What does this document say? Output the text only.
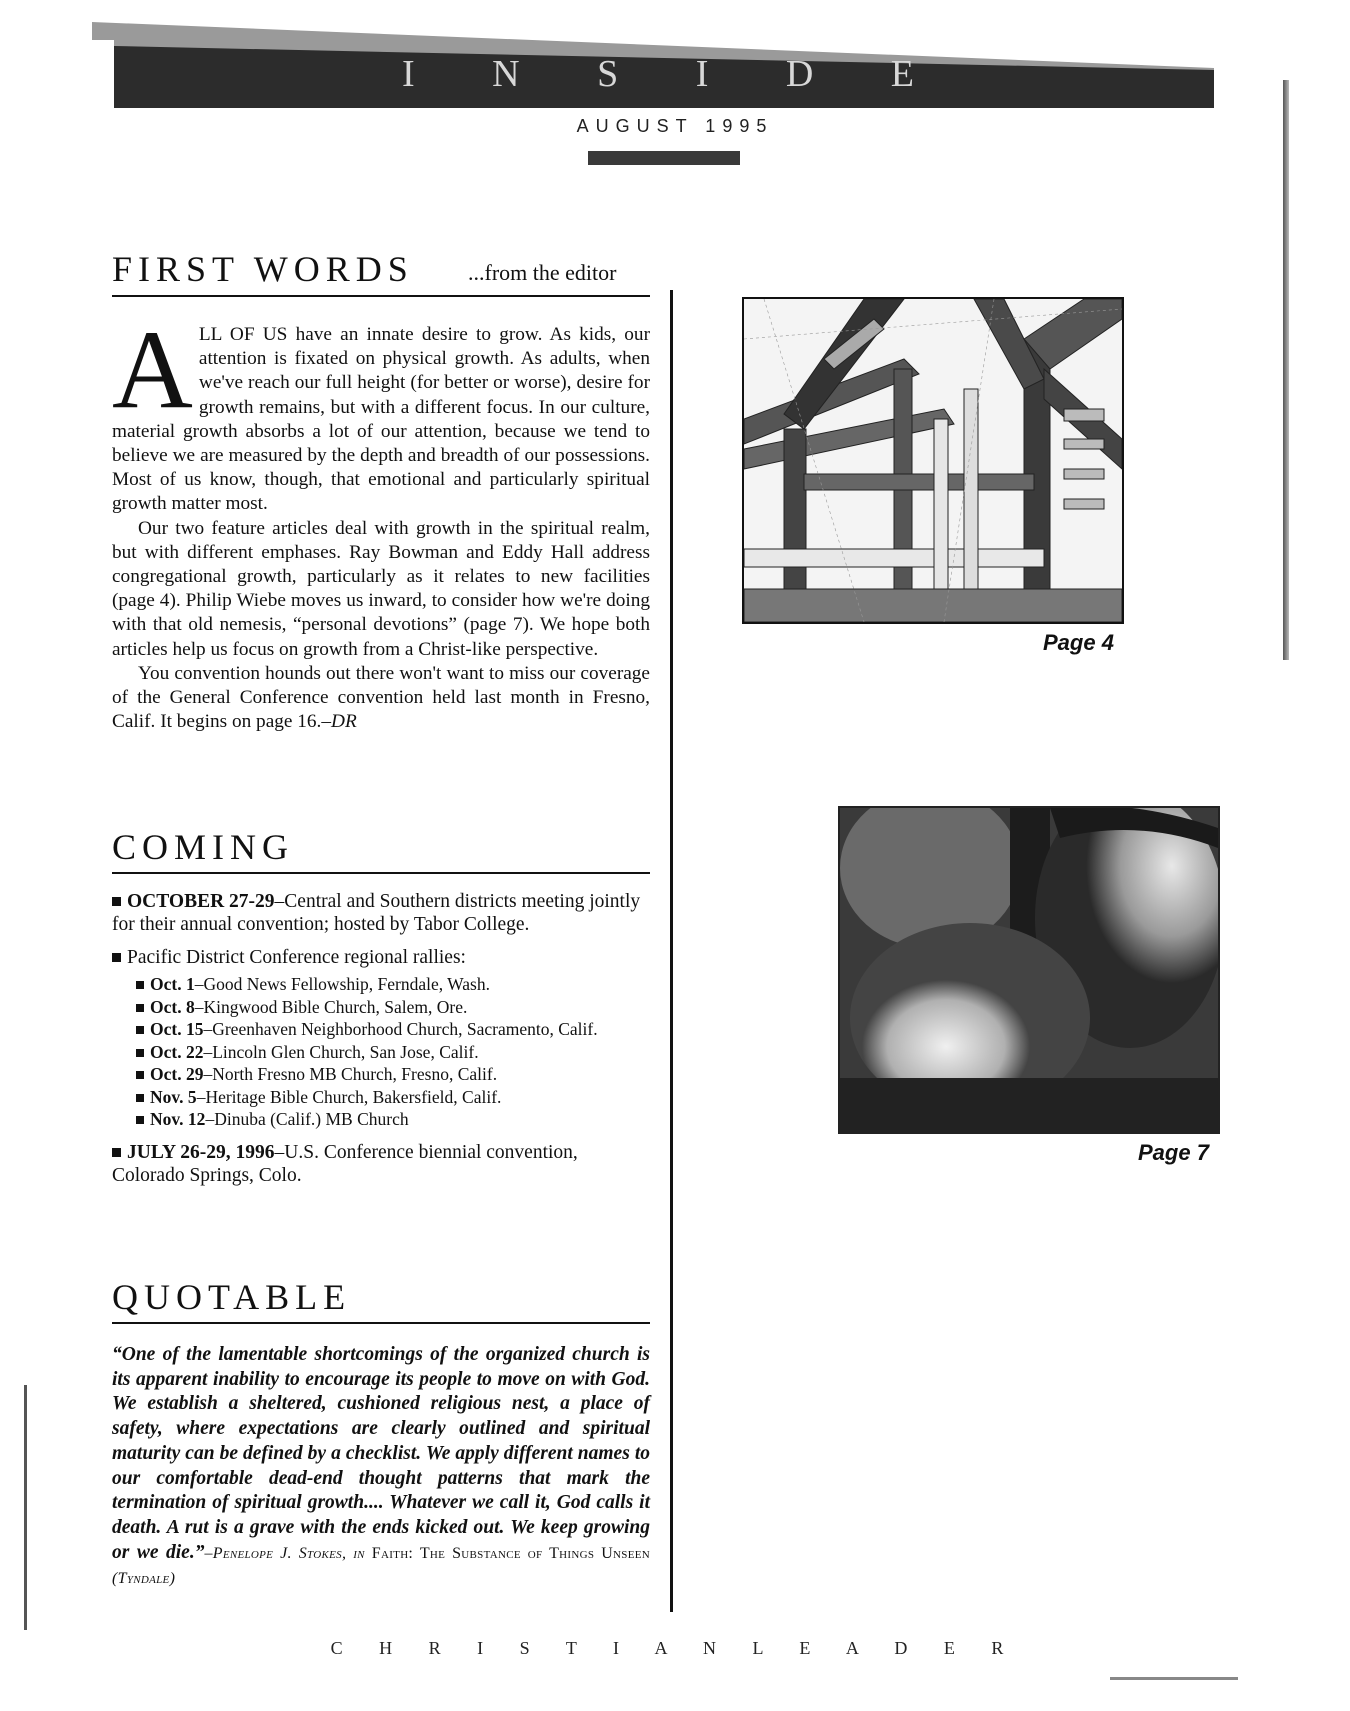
I N S I D E
AUGUST 1995
FIRST WORDS ...from the editor

ALL OF US have an innate desire to grow. As kids, our attention is fixated on physical growth. As adults, when we've reach our full height (for better or worse), desire for growth remains, but with a different focus. In our culture, material growth absorbs a lot of our attention, because we tend to believe we are measured by the depth and breadth of our possessions. Most of us know, though, that emotional and particularly spiritual growth matter most.

Our two feature articles deal with growth in the spiritual realm, but with different emphases. Ray Bowman and Eddy Hall address congregational growth, particularly as it relates to new facilities (page 4). Philip Wiebe moves us inward, to consider how we're doing with that old nemesis, “personal devotions” (page 7). We hope both articles help us focus on growth from a Christ-like perspective.

You convention hounds out there won't want to miss our coverage of the General Conference convention held last month in Fresno, Calif. It begins on page 16.–DR

COMING
OCTOBER 27-29–Central and Southern districts meeting jointly for their annual convention; hosted by Tabor College.
Pacific District Conference regional rallies:
Oct. 1–Good News Fellowship, Ferndale, Wash.
Oct. 8–Kingwood Bible Church, Salem, Ore.
Oct. 15–Greenhaven Neighborhood Church, Sacramento, Calif.
Oct. 22–Lincoln Glen Church, San Jose, Calif.
Oct. 29–North Fresno MB Church, Fresno, Calif.
Nov. 5–Heritage Bible Church, Bakersfield, Calif.
Nov. 12–Dinuba (Calif.) MB Church
JULY 26-29, 1996–U.S. Conference biennial convention, Colorado Springs, Colo.
QUOTABLE
“One of the lamentable shortcomings of the organized church is its apparent inability to encourage its people to move on with God. We establish a sheltered, cushioned religious nest, a place of safety, where expectations are clearly outlined and spiritual maturity can be defined by a checklist. We apply different names to our comfortable dead-end thought patterns that mark the termination of spiritual growth.... Whatever we call it, God calls it death. A rut is a grave with the ends kicked out. We keep growing or we die.”–Penelope J. Stokes, in Faith: The Substance of Things Unseen (Tyndale)
Page 4
Page 7
C H R I S T I A N L E A D E R
